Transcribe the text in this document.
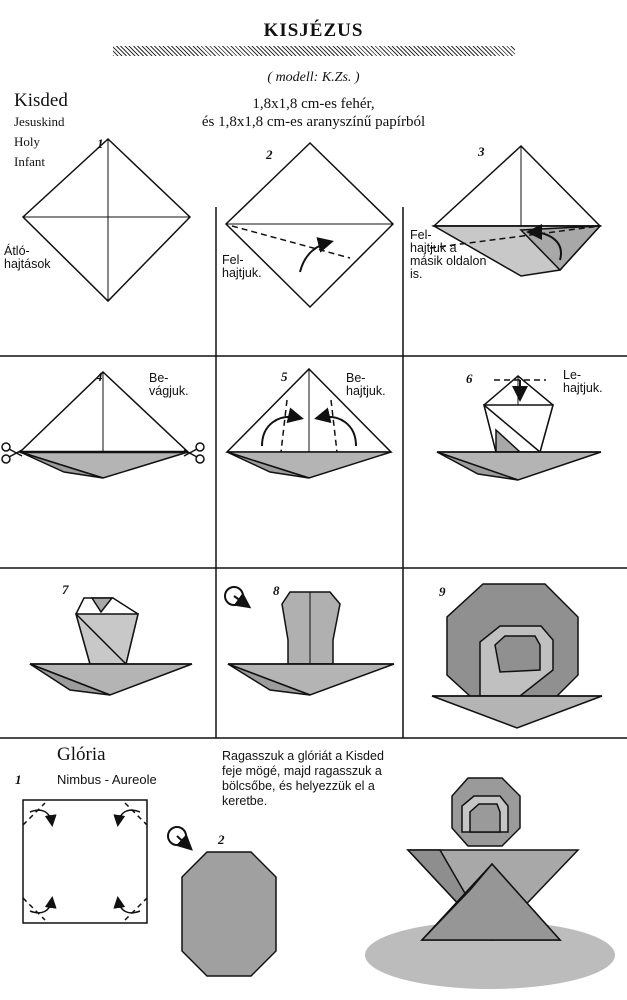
KISJÉZUS
( modell: K.Zs. )
1,8x1,8 cm-es fehér,
és 1,8x1,8 cm-es aranyszínű papírból
Kisded
Jesuskind
Holy
Infant
1
2	3
4	5	6
7	8	9
Átló-
hajtások	Fel-
hajtjuk.
Fel-
hajtjuk a
másik oldalon
is.
Be-
vágjuk.
Be-
hajtjuk.
Le-
hajtjuk.
Glória
1	Nimbus - Aureole
2
Ragasszuk a glóriát a Kisded
feje mögé, majd ragasszuk a
bölcsőbe, és helyezzük el a
keretbe.
